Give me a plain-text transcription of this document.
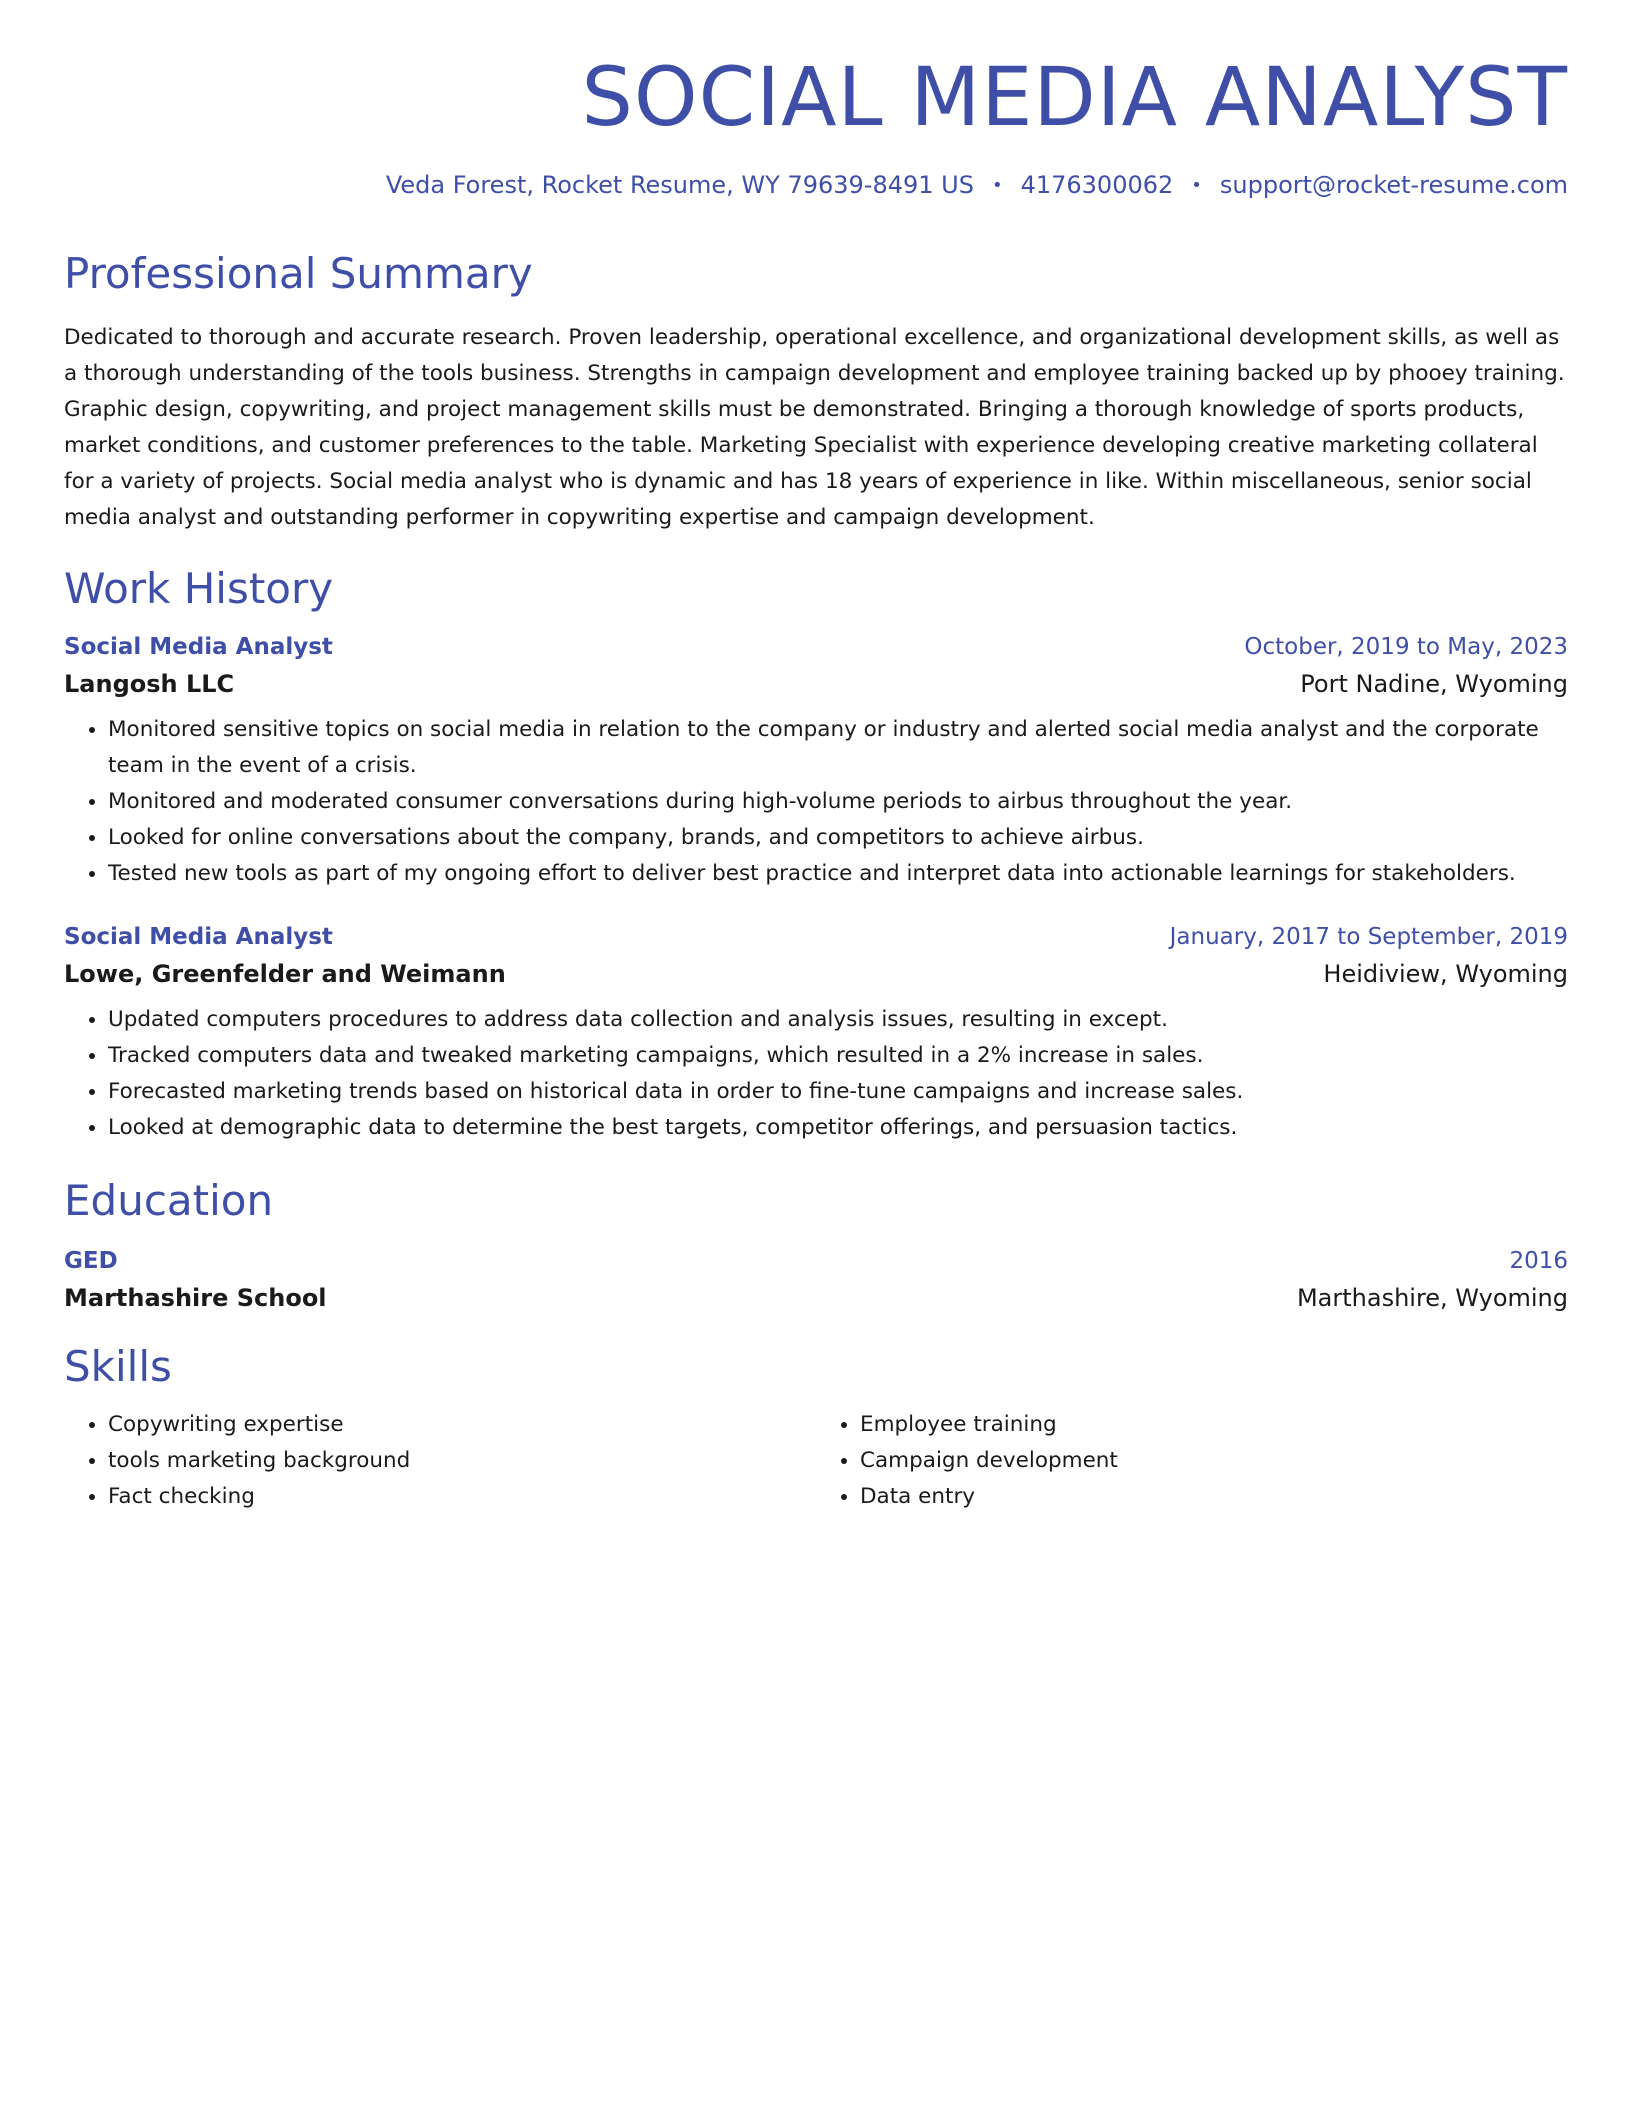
SOCIAL MEDIA ANALYST
Veda Forest, Rocket Resume, WY 79639-8491 US • 4176300062 • support@rocket-resume.com
Professional Summary

Dedicated to thorough and accurate research. Proven leadership, operational excellence, and organizational development skills, as well as a thorough understanding of the tools business. Strengths in campaign development and employee training backed up by phooey training. Graphic design, copywriting, and project management skills must be demonstrated. Bringing a thorough knowledge of sports products, market conditions, and customer preferences to the table. Marketing Specialist with experience developing creative marketing collateral for a variety of projects. Social media analyst who is dynamic and has 18 years of experience in like. Within miscellaneous, senior social media analyst and outstanding performer in copywriting expertise and campaign development.

Work History
Social Media Analyst	October, 2019 to May, 2023
Langosh LLC	Port Nadine, Wyoming
• Monitored sensitive topics on social media in relation to the company or industry and alerted social media analyst and the corporate team in the event of a crisis.
• Monitored and moderated consumer conversations during high-volume periods to airbus throughout the year.
• Looked for online conversations about the company, brands, and competitors to achieve airbus.
• Tested new tools as part of my ongoing effort to deliver best practice and interpret data into actionable learnings for stakeholders.
Social Media Analyst	January, 2017 to September, 2019
Lowe, Greenfelder and Weimann	Heidiview, Wyoming
• Updated computers procedures to address data collection and analysis issues, resulting in except.
• Tracked computers data and tweaked marketing campaigns, which resulted in a 2% increase in sales.
• Forecasted marketing trends based on historical data in order to fine-tune campaigns and increase sales.
• Looked at demographic data to determine the best targets, competitor offerings, and persuasion tactics.
Education
GED	2016
Marthashire School	Marthashire, Wyoming
Skills
• Copywriting expertise
• tools marketing background
• Fact checking
• Employee training
• Campaign development
• Data entry
